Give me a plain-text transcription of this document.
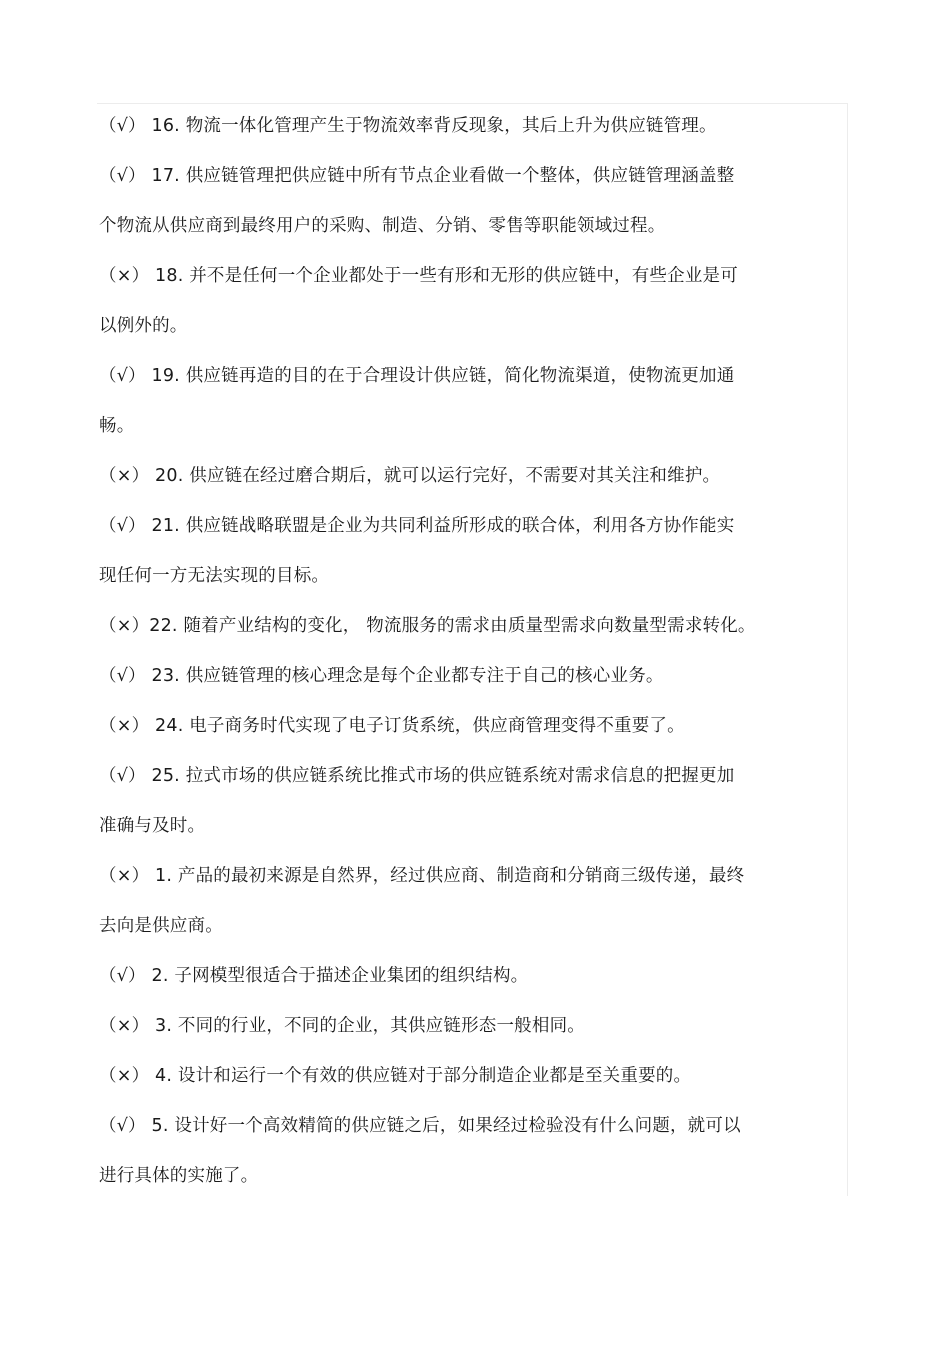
（√） 16. 物流一体化管理产生于物流效率背反现象，其后上升为供应链管理。
（√） 17. 供应链管理把供应链中所有节点企业看做一个整体，供应链管理涵盖整
个物流从供应商到最终用户的采购、制造、分销、零售等职能领域过程。
（×） 18. 并不是任何一个企业都处于一些有形和无形的供应链中，有些企业是可
以例外的。
（√） 19. 供应链再造的目的在于合理设计供应链，简化物流渠道，使物流更加通
畅。
（×） 20. 供应链在经过磨合期后，就可以运行完好，不需要对其关注和维护。
（√） 21. 供应链战略联盟是企业为共同利益所形成的联合体，利用各方协作能实
现任何一方无法实现的目标。
（×）22. 随着产业结构的变化， 物流服务的需求由质量型需求向数量型需求转化。
（√） 23. 供应链管理的核心理念是每个企业都专注于自己的核心业务。
（×） 24. 电子商务时代实现了电子订货系统，供应商管理变得不重要了。
（√） 25. 拉式市场的供应链系统比推式市场的供应链系统对需求信息的把握更加
准确与及时。
（×） 1. 产品的最初来源是自然界，经过供应商、制造商和分销商三级传递，最终
去向是供应商。
（√） 2. 子网模型很适合于描述企业集团的组织结构。
（×） 3. 不同的行业，不同的企业，其供应链形态一般相同。
（×） 4. 设计和运行一个有效的供应链对于部分制造企业都是至关重要的。
（√） 5. 设计好一个高效精简的供应链之后，如果经过检验没有什么问题，就可以
进行具体的实施了。
